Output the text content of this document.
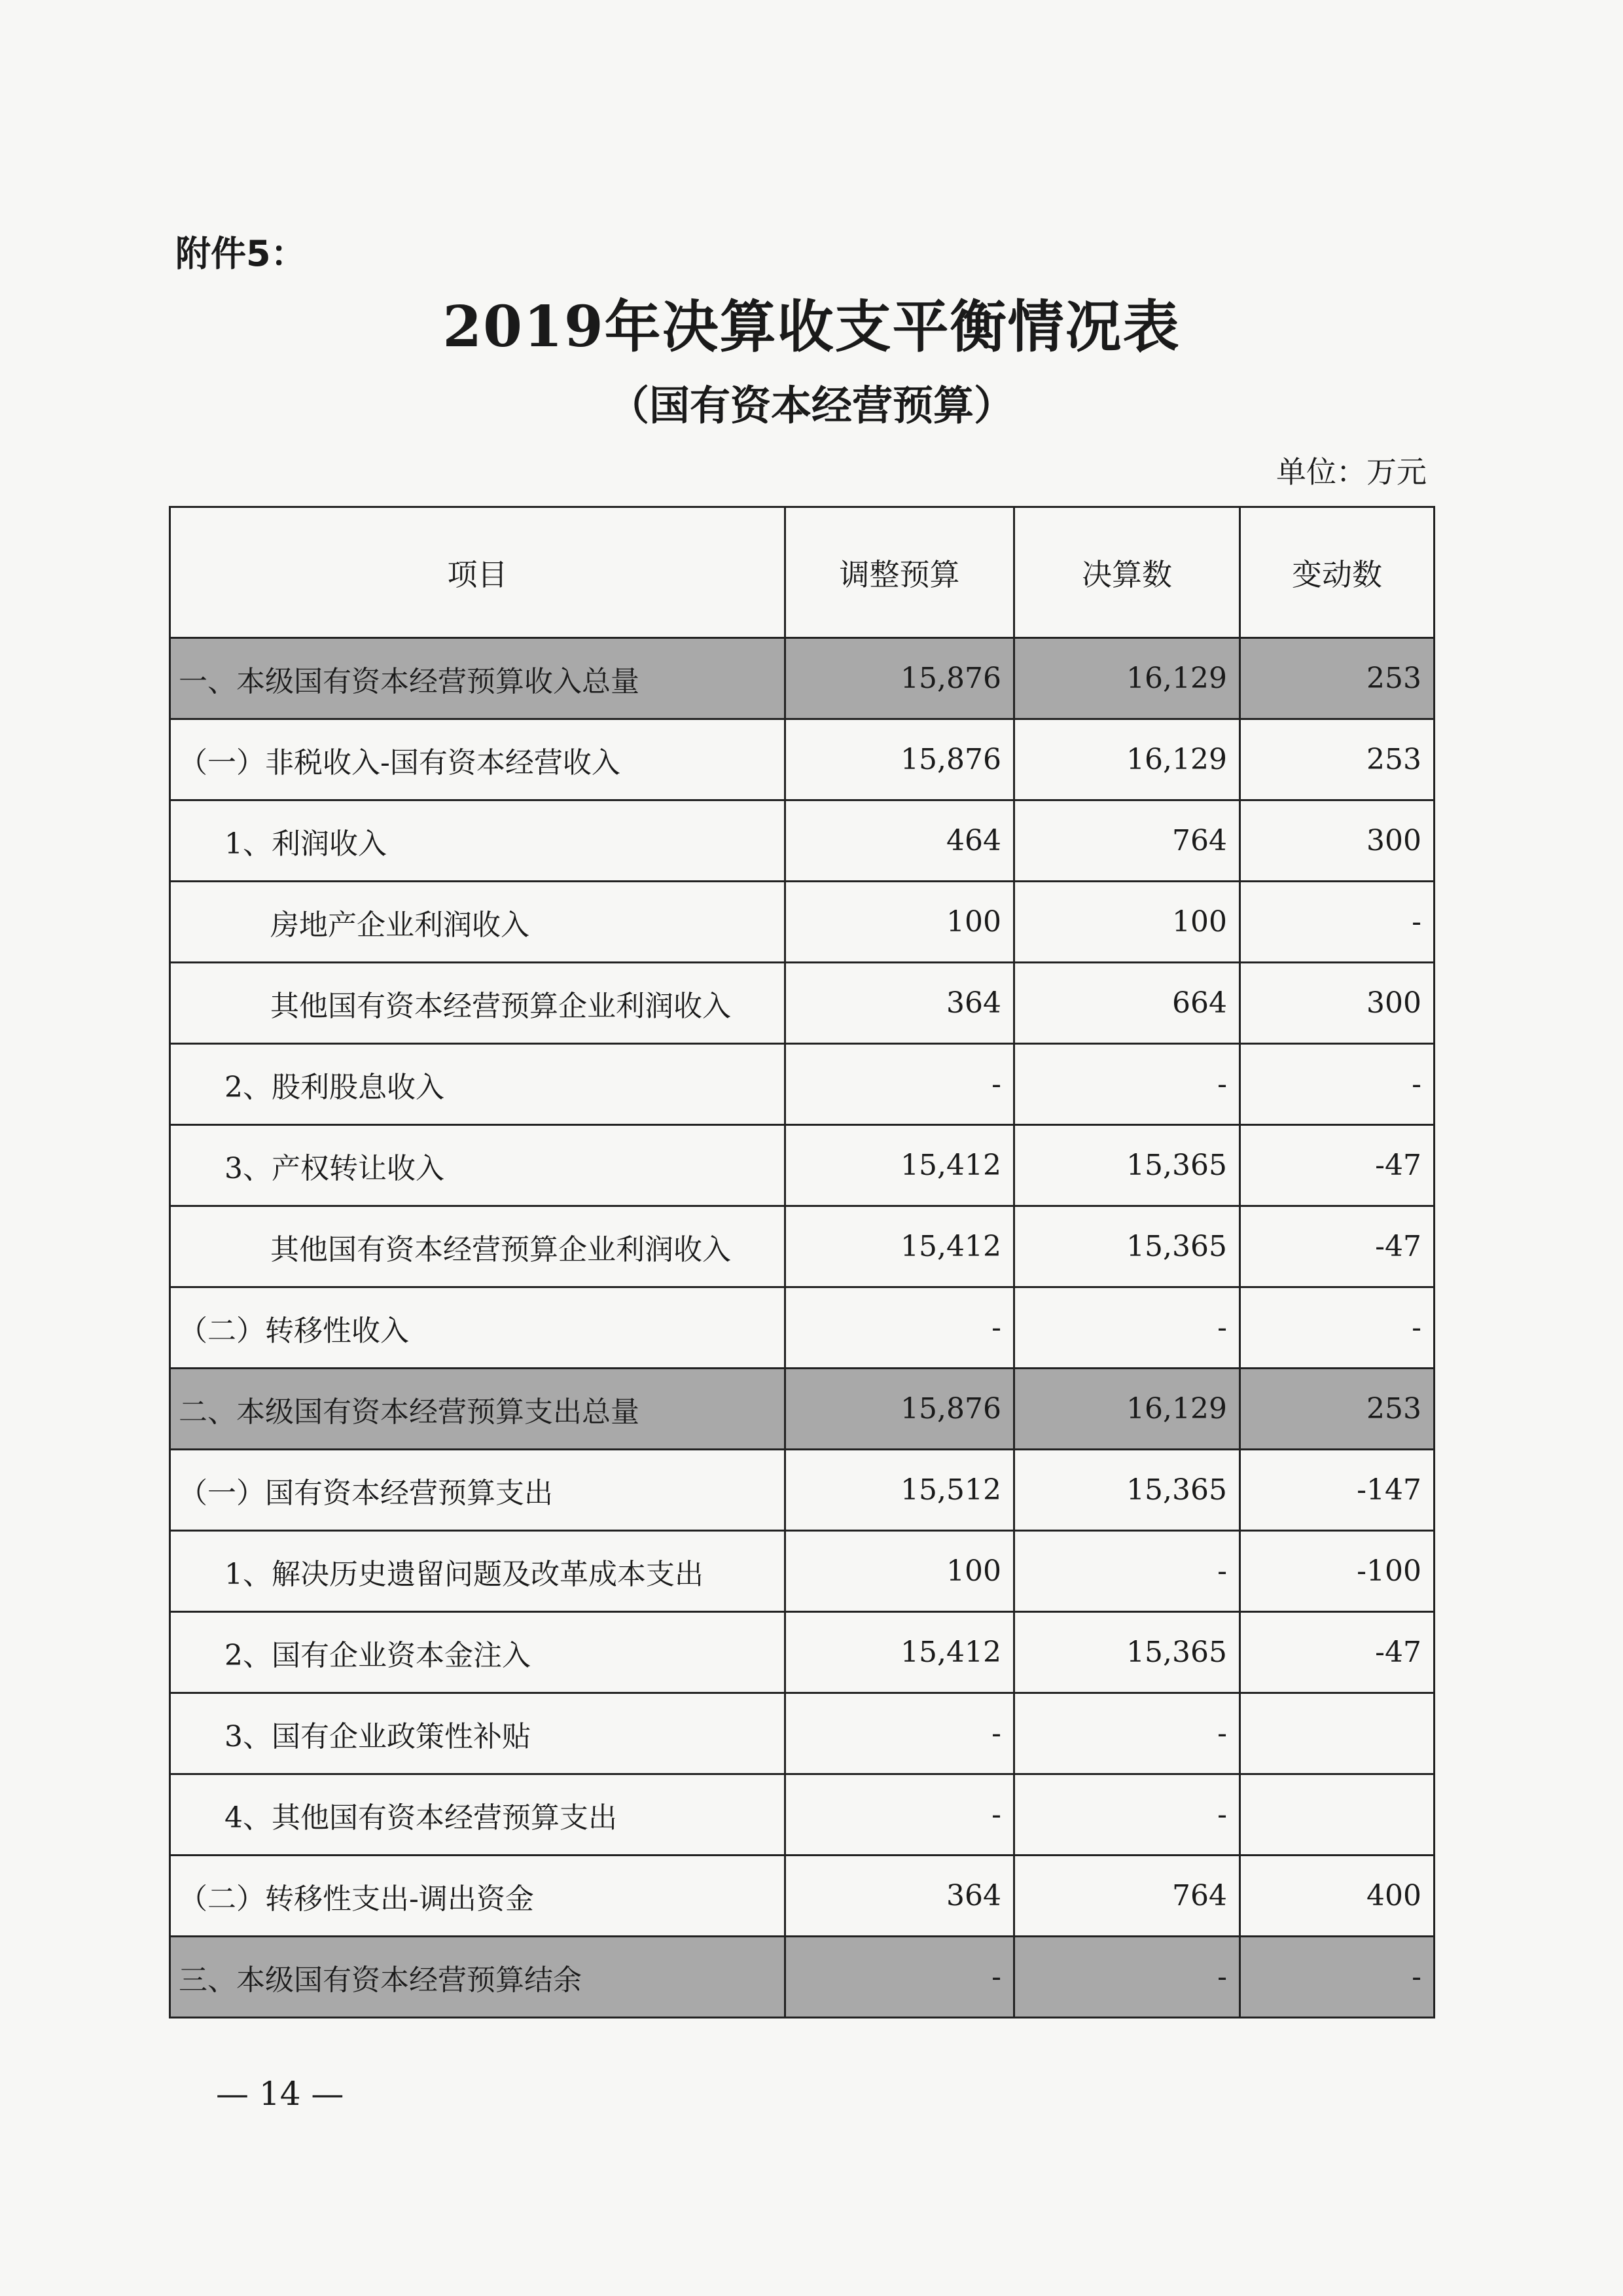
附件5：
2019年决算收支平衡情况表
（国有资本经营预算）
单位：万元
项目	调整预算	决算数	变动数
一、本级国有资本经营预算收入总量	15,876	16,129	253
（一）非税收入-国有资本经营收入	15,876	16,129	253
1、利润收入	464	764	300
房地产企业利润收入	100	100	-
其他国有资本经营预算企业利润收入	364	664	300
2、股利股息收入	-	-	-
3、产权转让收入	15,412	15,365	-47
其他国有资本经营预算企业利润收入	15,412	15,365	-47
（二）转移性收入	-	-	-
二、本级国有资本经营预算支出总量	15,876	16,129	253
（一）国有资本经营预算支出	15,512	15,365	-147
1、解决历史遗留问题及改革成本支出	100	-	-100
2、国有企业资本金注入	15,412	15,365	-47
3、国有企业政策性补贴	-	-	
4、其他国有资本经营预算支出	-	-	
（二）转移性支出-调出资金	364	764	400
三、本级国有资本经营预算结余	-	-	-
— 14 —
